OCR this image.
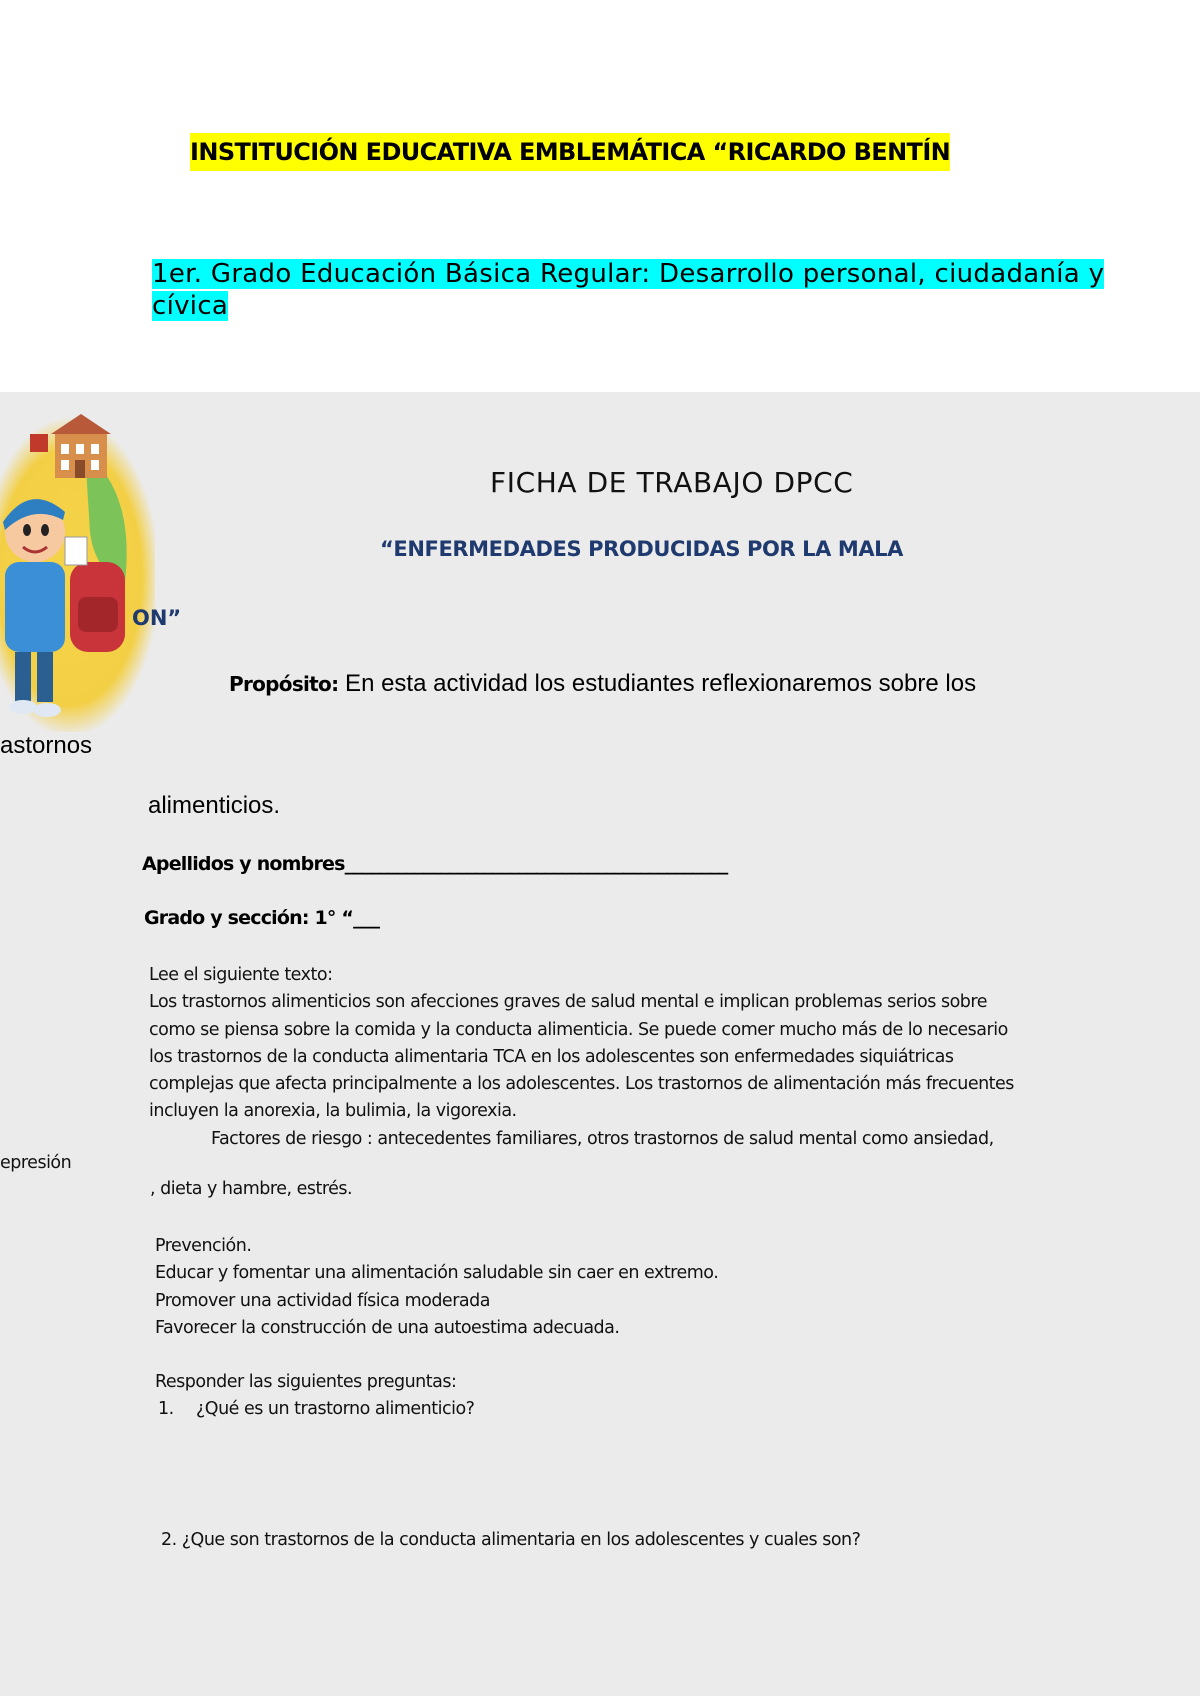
INSTITUCIÓN EDUCATIVA EMBLEMÁTICA “RICARDO BENTÍN
1er. Grado Educación Básica Regular: Desarrollo personal, ciudadanía y cívica
FICHA DE TRABAJO DPCC
“ENFERMEDADES PRODUCIDAS POR LA MALA
ON”
Propósito: En esta actividad los estudiantes reflexionaremos sobre los
astornos
alimenticios.
Apellidos y nombres____________________________________________
Grado y sección: 1° “___
Lee el siguiente texto:
Los trastornos alimenticios son afecciones graves de salud mental e implican problemas serios sobre
como se piensa sobre la comida y la conducta alimenticia. Se puede comer mucho más de lo necesario
los trastornos de la conducta alimentaria TCA en los adolescentes son enfermedades siquiátricas
complejas que afecta principalmente a los adolescentes. Los trastornos de alimentación más frecuentes
incluyen la anorexia, la bulimia, la vigorexia.
Factores de riesgo : antecedentes familiares, otros trastornos de salud mental como ansiedad,
epresión
, dieta y hambre, estrés.
Prevención.
Educar y fomentar una alimentación saludable sin caer en extremo.
Promover una actividad física moderada
Favorecer la construcción de una autoestima adecuada.
Responder las siguientes preguntas:
1. ¿Qué es un trastorno alimenticio?
2. ¿Que son trastornos de la conducta alimentaria en los adolescentes y cuales son?
